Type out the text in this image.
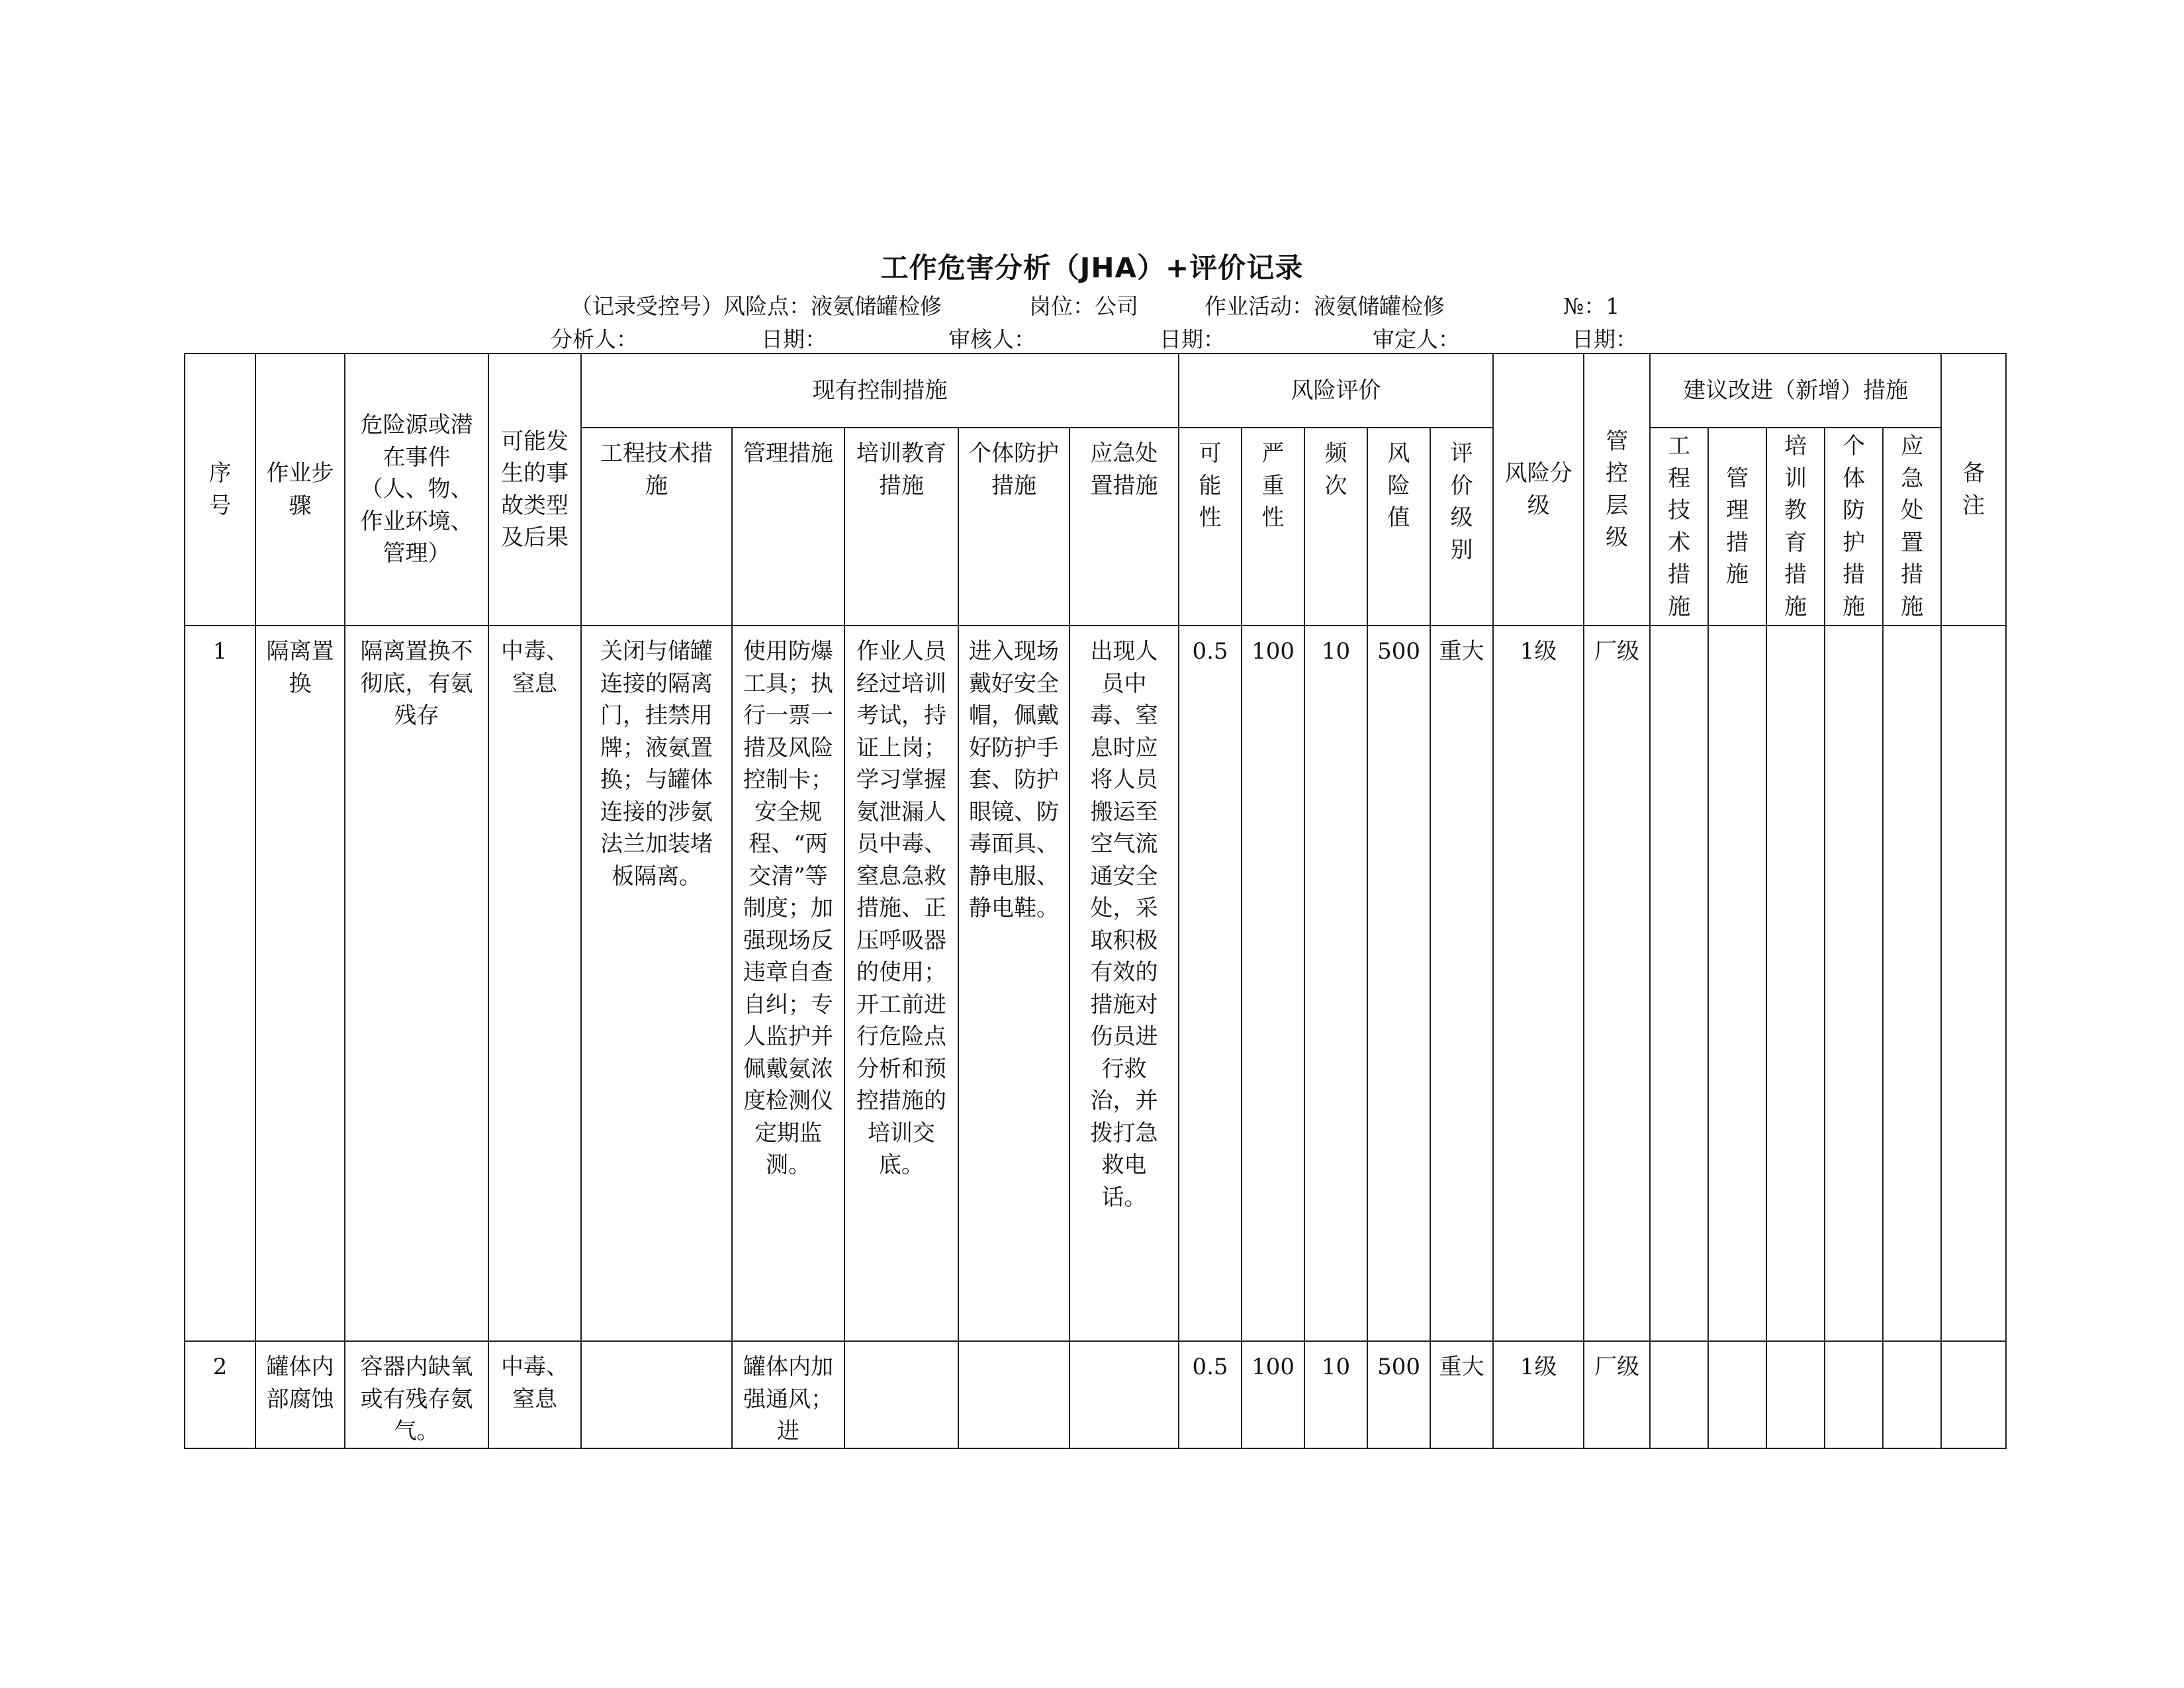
工作危害分析（JHA）+评价记录
（记录受控号）风险点：液氨储罐检修	岗位：公司	作业活动：液氨储罐检修	№：1
分析人：	日期：	审核人：	日期：	审定人：	日期：
序号	作业步骤	危险源或潜在事件（人、物、作业环境、管理）	可能发生的事故类型及后果	现有控制措施					风险评价					风险分级	管控层级	建议改进（新增）措施					备注

				工程技术措施	管理措施	培训教育措施	个体防护措施	应急处置措施	可能性	严重性	频次	风险值	评价级别			工程技术措施	管理措施	培训教育措施	个体防护措施	应急处置措施	

1	隔离置换	隔离置换不彻底，有氨残存	中毒、窒息	关闭与储罐连接的隔离门，挂禁用牌；液氨置换；与罐体连接的涉氨法兰加装堵板隔离。	使用防爆工具；执行一票一措及风险控制卡；安全规程、“两交清”等制度；加强现场反违章自查自纠；专人监护并佩戴氨浓度检测仪定期监测。	作业人员经过培训考试，持证上岗；学习掌握氨泄漏人员中毒、窒息急救措施、正压呼吸器的使用；开工前进行危险点分析和预控措施的培训交底。	进入现场戴好安全帽，佩戴好防护手套、防护眼镜、防毒面具、静电服、静电鞋。	出现人员中毒、窒息时应将人员搬运至空气流通安全处，采取积极有效的措施对伤员进行救治，并拨打急救电话。	0.5	100	10	500	重大	1级	厂级						
2	罐体内部腐蚀	容器内缺氧或有残存氨气。	中毒、窒息		罐体内加强通风；进				0.5	100	10	500	重大	1级	厂级						
